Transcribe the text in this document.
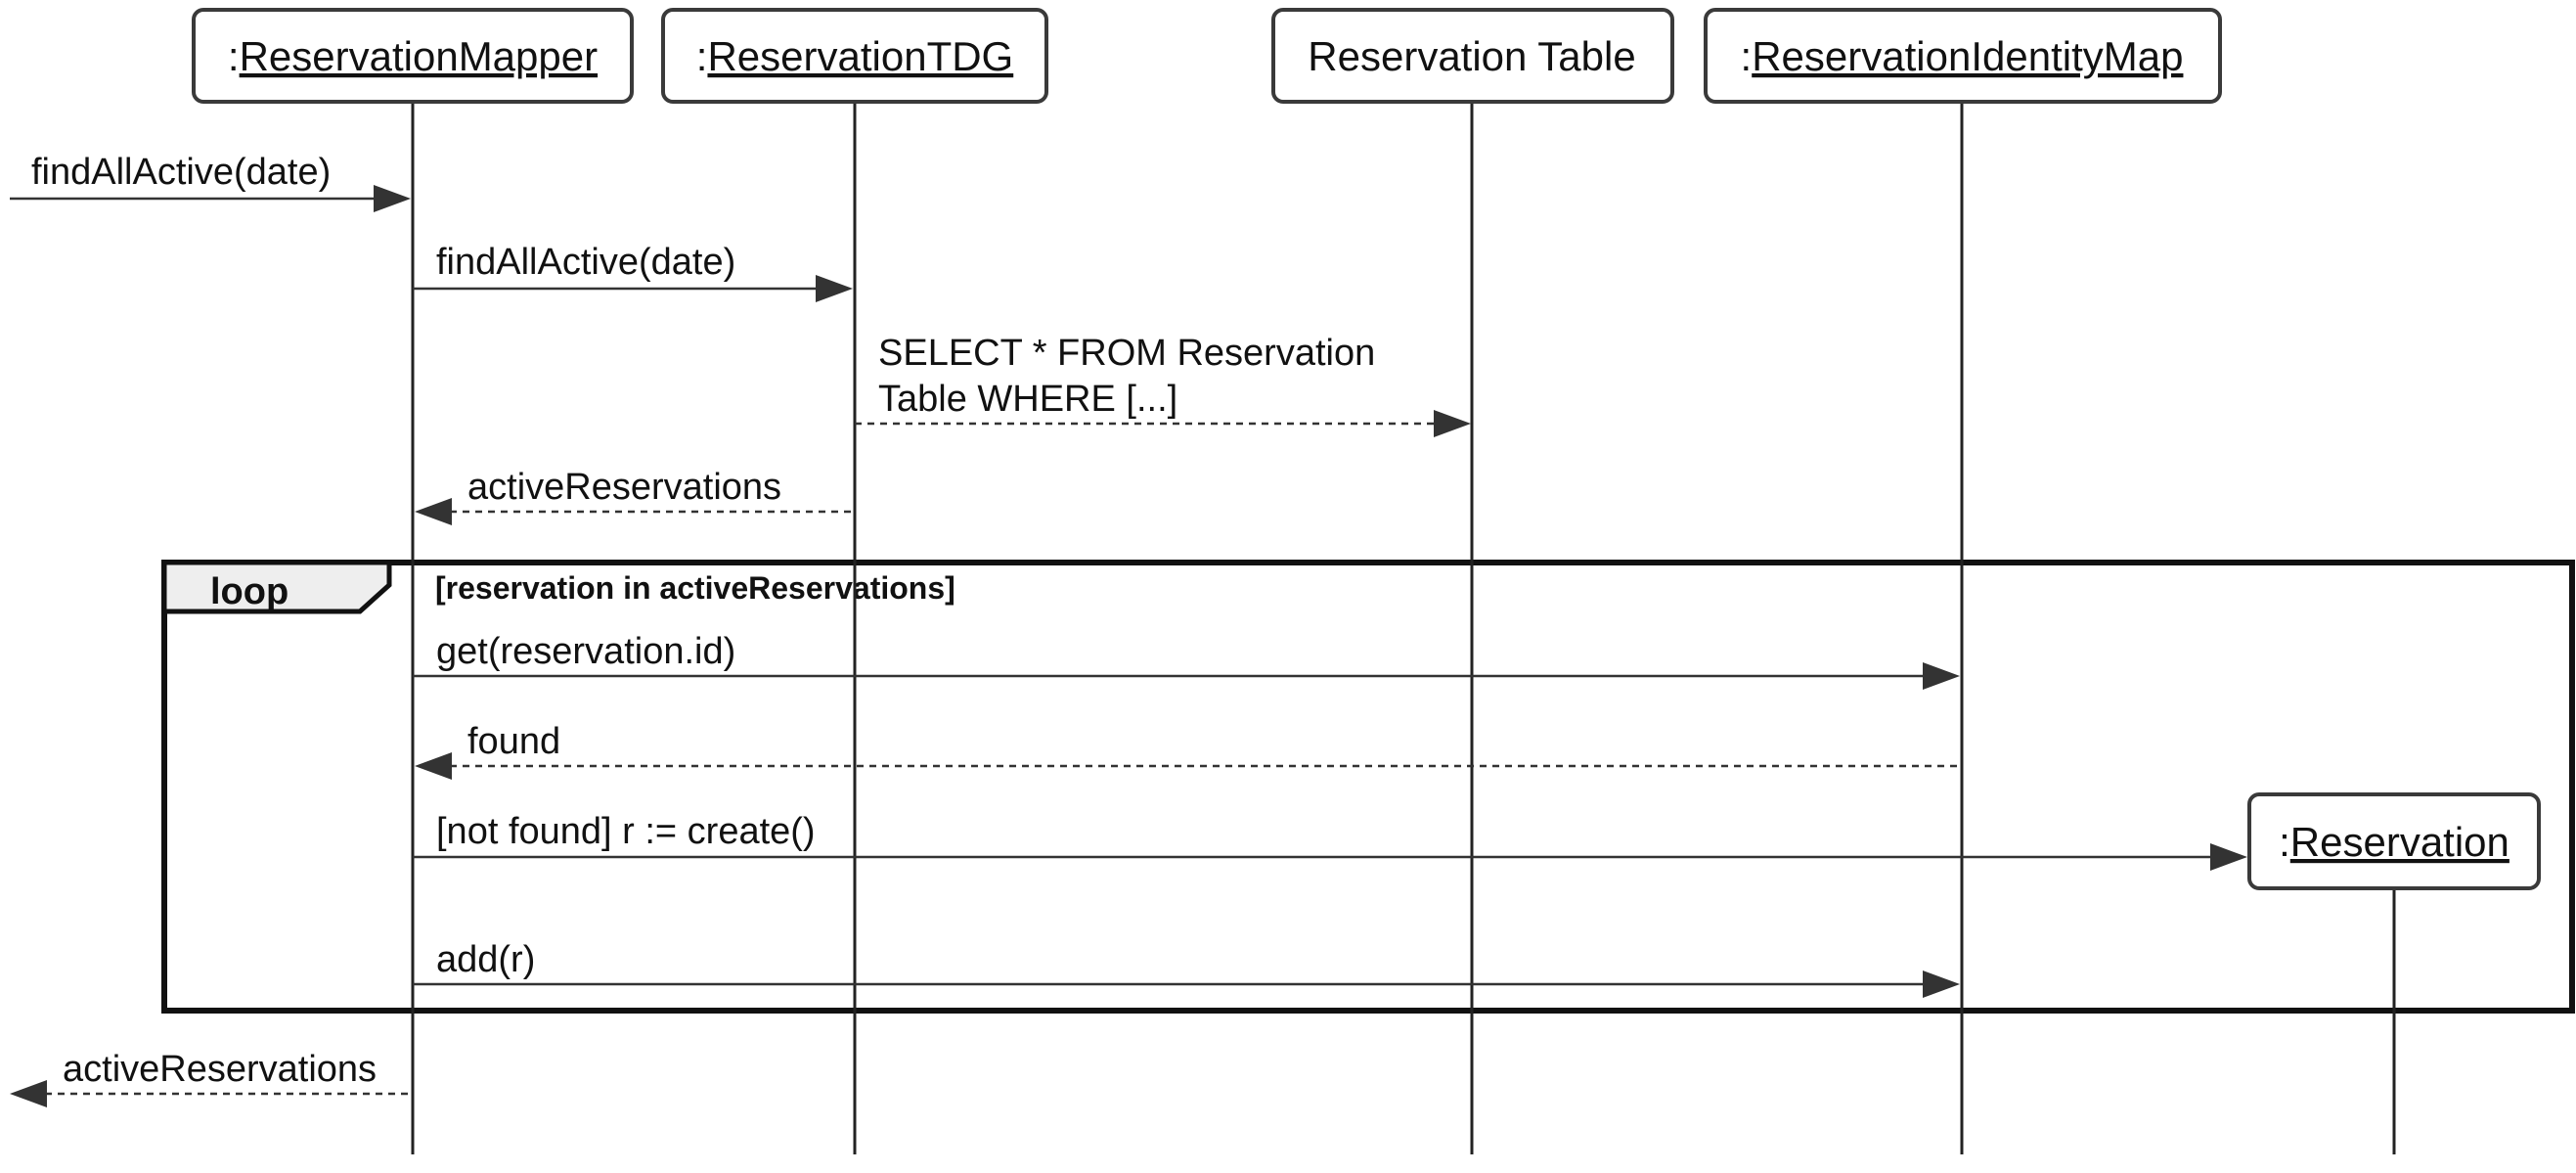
loop	[reservation in activeReservations]
:ReservationMapper :ReservationTDG	Reservation Table	:ReservationIdentityMap
:Reservation
findAllActive(date)
findAllActive(date)
SELECT * FROM Reservation
Table WHERE [...]
activeReservations
get(reservation.id)
found
[not found] r := create()
add(r)
activeReservations
